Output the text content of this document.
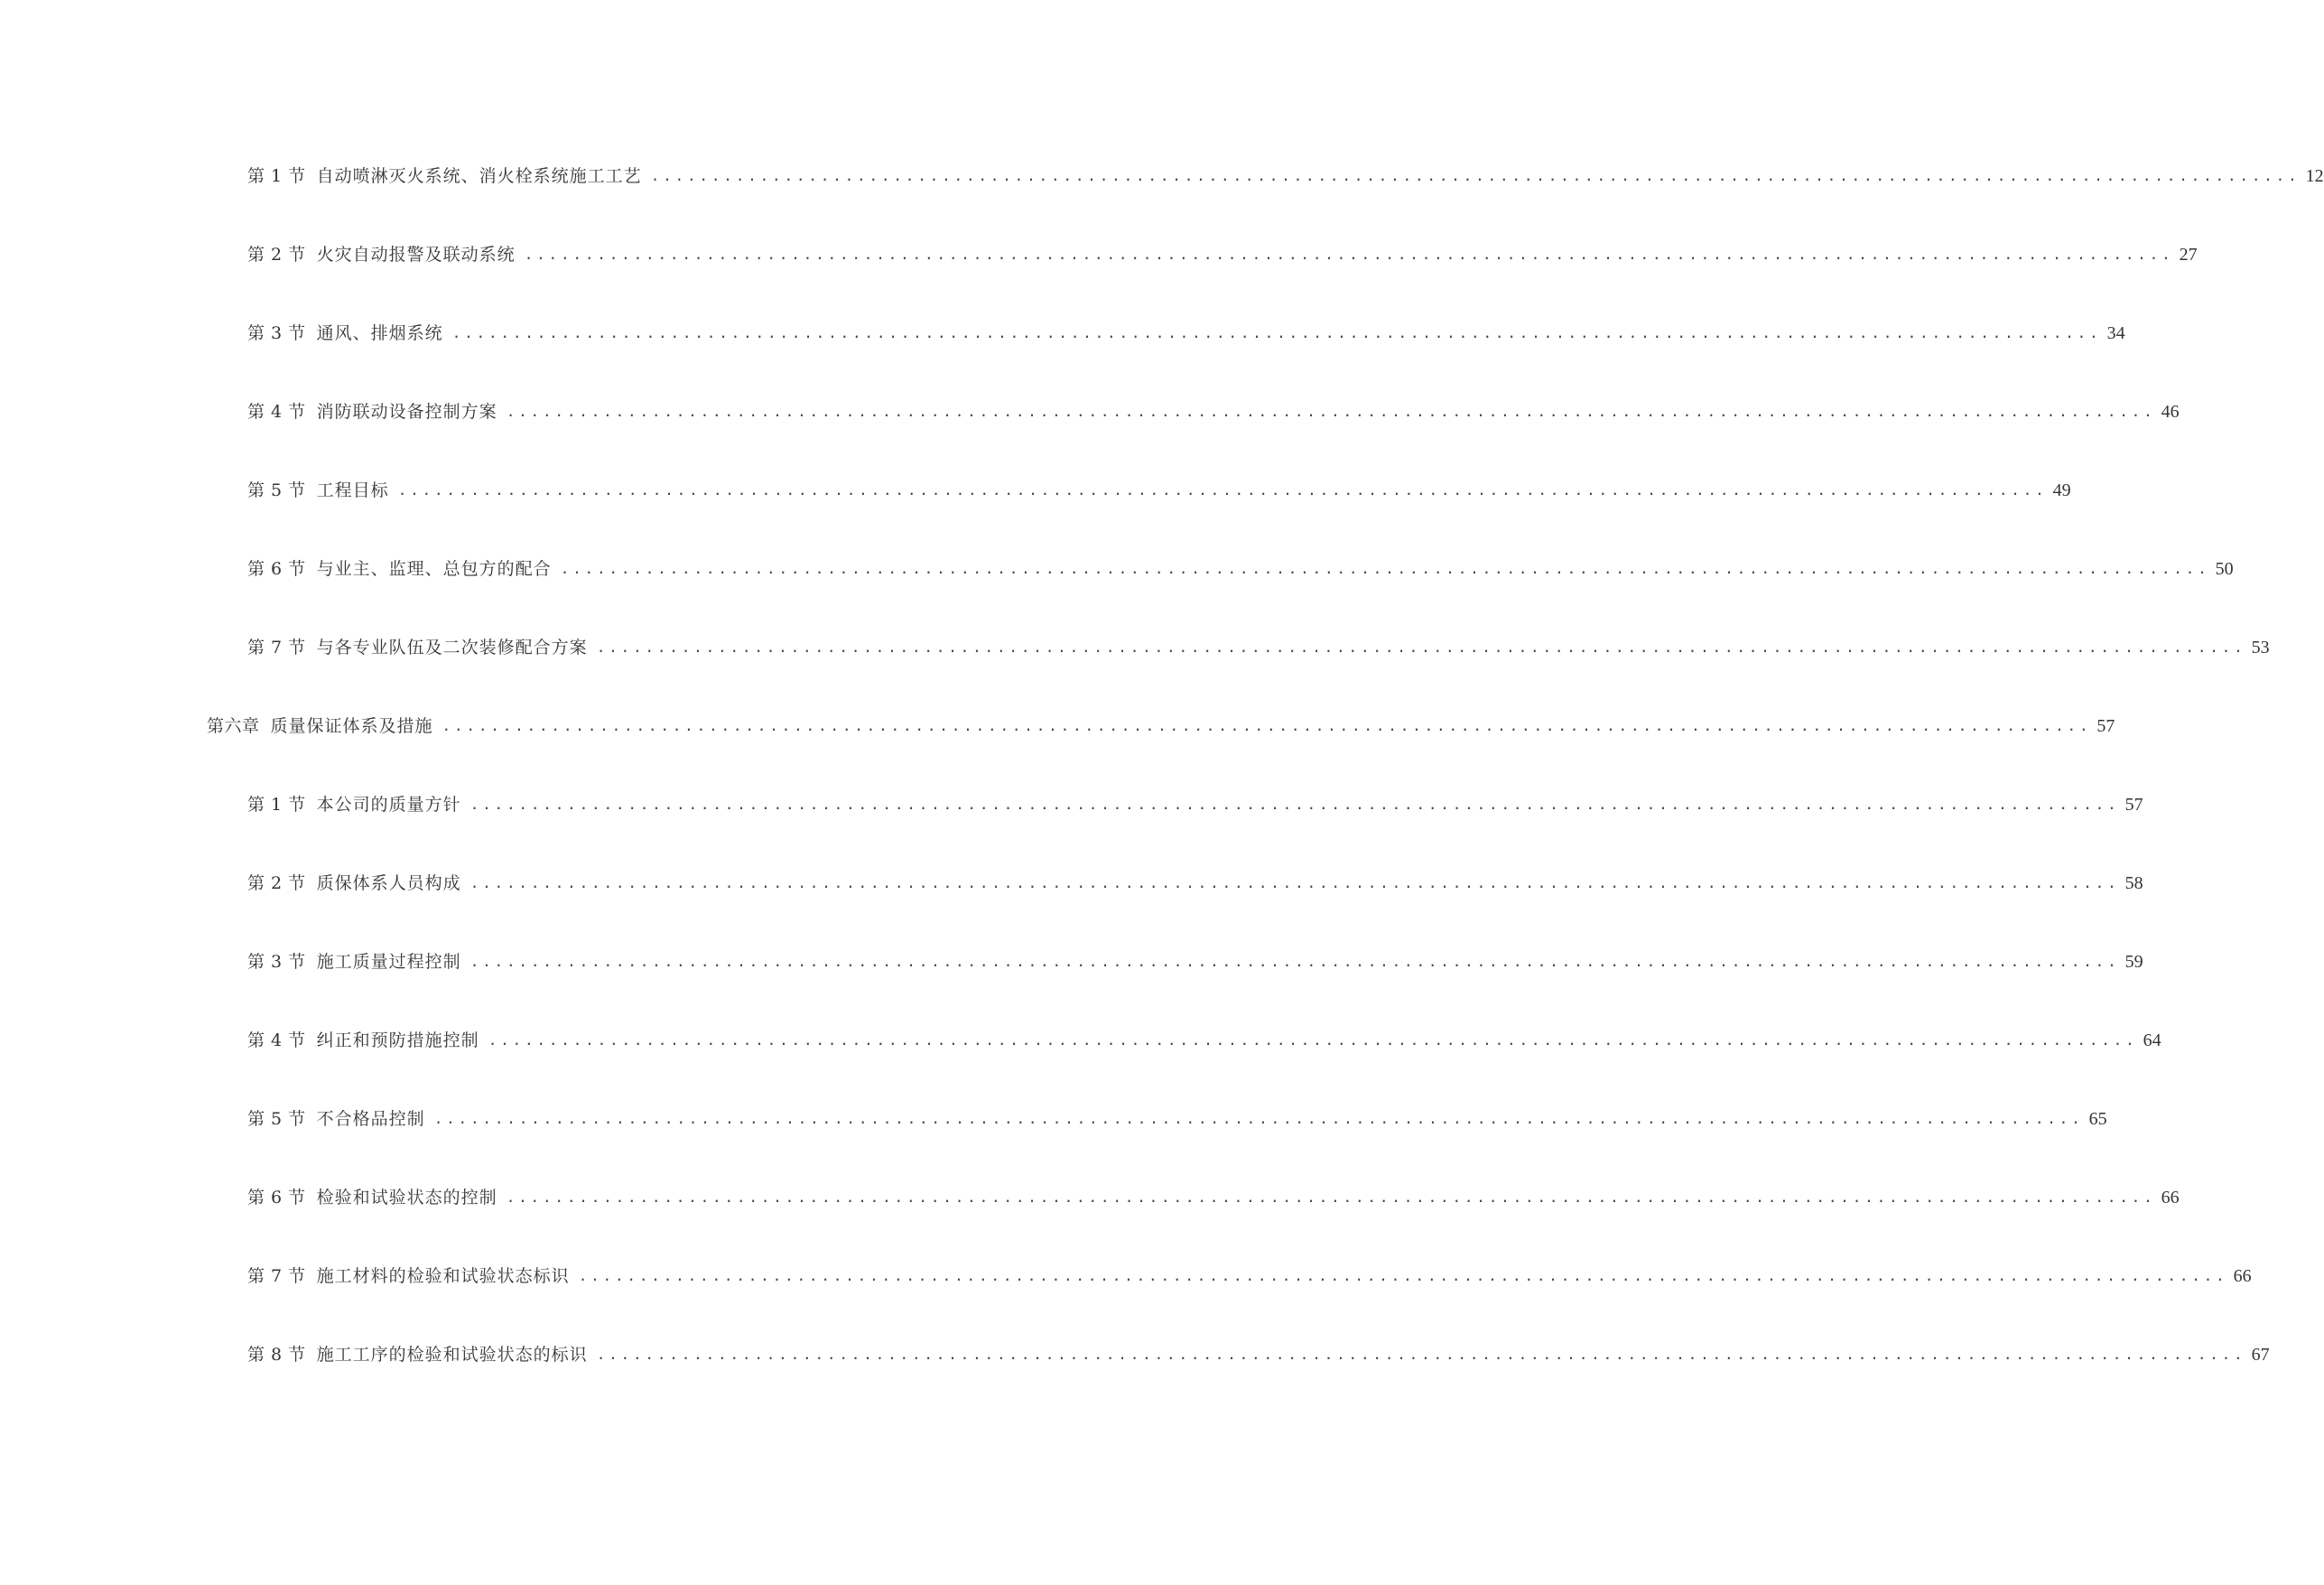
第 1 节 自动喷淋灭火系统、消火栓系统施工工艺 ........................................................................................................................................ 12
第 2 节 火灾自动报警及联动系统 ........................................................................................................................................ 27
第 3 节 通风、排烟系统 ........................................................................................................................................ 34
第 4 节 消防联动设备控制方案 ........................................................................................................................................ 46
第 5 节 工程目标 ........................................................................................................................................ 49
第 6 节 与业主、监理、总包方的配合 ........................................................................................................................................ 50
第 7 节 与各专业队伍及二次装修配合方案 ........................................................................................................................................ 53
第六章 质量保证体系及措施 ........................................................................................................................................ 57
第 1 节 本公司的质量方针 ........................................................................................................................................ 57
第 2 节 质保体系人员构成 ........................................................................................................................................ 58
第 3 节 施工质量过程控制 ........................................................................................................................................ 59
第 4 节 纠正和预防措施控制 ........................................................................................................................................ 64
第 5 节 不合格品控制 ........................................................................................................................................ 65
第 6 节 检验和试验状态的控制 ........................................................................................................................................ 66
第 7 节 施工材料的检验和试验状态标识 ........................................................................................................................................ 66
第 8 节 施工工序的检验和试验状态的标识 ........................................................................................................................................ 67
